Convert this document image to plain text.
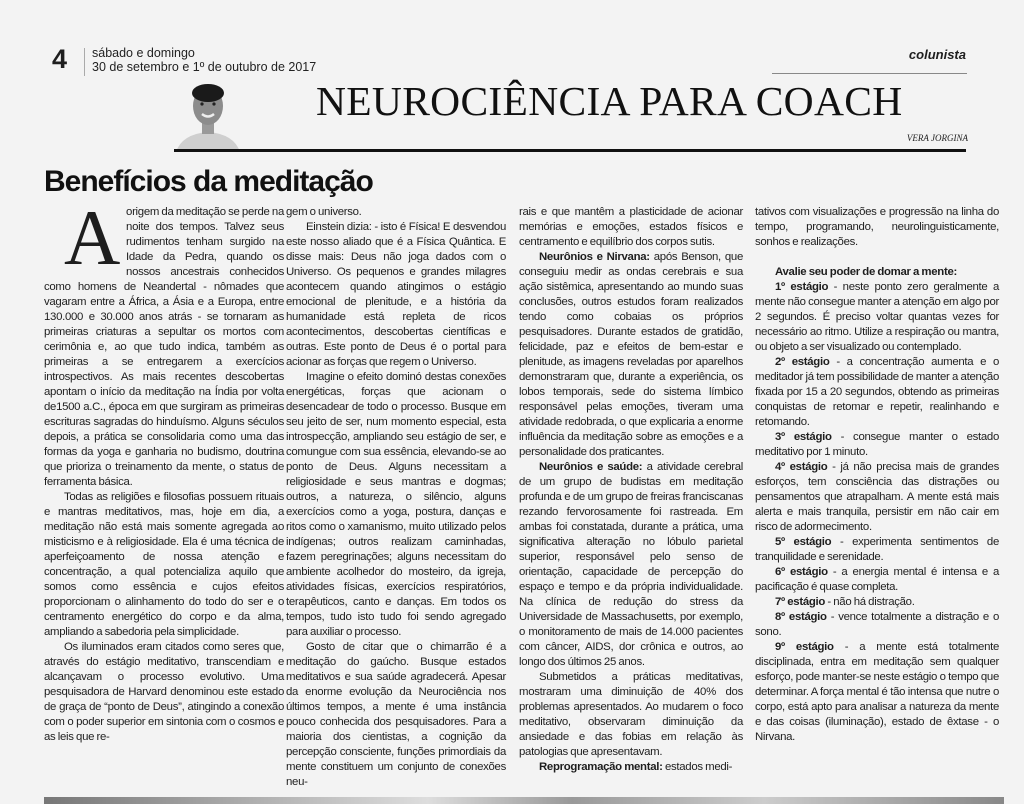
4 sábado e domingo
30 de setembro e 1º de outubro de 2017
colunista
NEUROCIÊNCIA PARA COACH
VERA JORGINA
Benefícios da meditação
A origem da meditação se perde na noite dos tempos. Talvez seus rudimentos tenham surgido na Idade da Pedra, quando os nossos ancestrais conhecidos como homens de Neandertal - nômades que vagaram entre a África, a Ásia e a Europa, entre 130.000 e 30.000 anos atrás - se tornaram as primeiras criaturas a sepultar os mortos com cerimônia e, ao que tudo indica, também as primeiras a se entregarem a exercícios introspectivos. As mais recentes descobertas apontam o início da meditação na Índia por volta de1500 a.C., época em que surgiram as primeiras escrituras sagradas do hinduísmo. Alguns séculos depois, a prática se consolidaria como uma das formas da yoga e ganharia no budismo, doutrina que prioriza o treinamento da mente, o status de ferramenta básica.

Todas as religiões e filosofias possuem rituais e mantras meditativos, mas, hoje em dia, a meditação não está mais somente agregada ao misticismo e à religiosidade. Ela é uma técnica de aperfeiçoamento de nossa atenção e concentração, a qual potencializa aquilo que somos como essência e cujos efeitos proporcionam o alinhamento do todo do ser e o centramento energético do corpo e da alma, ampliando a sabedoria pela simplicidade.

Os iluminados eram citados como seres que, através do estágio meditativo, transcendiam e alcançavam o processo evolutivo. Uma pesquisadora de Harvard denominou este estado de graça de “ponto de Deus”, atingindo a conexão com o poder superior em sintonia com o cosmos e as leis que re-

gem o universo.

Einstein dizia: - isto é Física! E desvendou este nosso aliado que é a Física Quântica. E disse mais: Deus não joga dados com o Universo. Os pequenos e grandes milagres acontecem quando atingimos o estágio emocional de plenitude, e a história da humanidade está repleta de ricos acontecimentos, descobertas científicas e outras. Este ponto de Deus é o portal para acionar as forças que regem o Universo.

Imagine o efeito dominó destas conexões energéticas, forças que acionam o desencadear de todo o processo. Busque em seu jeito de ser, num momento especial, esta introspecção, ampliando seu estágio de ser, e comungue com sua essência, elevando-se ao ponto de Deus. Alguns necessitam a religiosidade e seus mantras e dogmas; outros, a natureza, o silêncio, alguns exercícios como a yoga, postura, danças e ritos como o xamanismo, muito utilizado pelos indígenas; outros realizam caminhadas, fazem peregrinações; alguns necessitam do ambiente acolhedor do mosteiro, da igreja, atividades físicas, exercícios respiratórios, terapêuticos, canto e danças. Em todos os tempos, tudo isto tudo foi sendo agregado para auxiliar o processo.

Gosto de citar que o chimarrão é a meditação do gaúcho. Busque estados meditativos e sua saúde agradecerá. Apesar da enorme evolução da Neurociência nos últimos tempos, a mente é uma instância pouco conhecida dos pesquisadores. Para a maioria dos cientistas, a cognição da percepção consciente, funções primordiais da mente constituem um conjunto de conexões neu-

rais e que mantêm a plasticidade de acionar memórias e emoções, estados físicos e centramento e equilíbrio dos corpos sutis.

Neurônios e Nirvana: após Benson, que conseguiu medir as ondas cerebrais e sua ação sistêmica, apresentando ao mundo suas conclusões, outros estudos foram realizados tendo como cobaias os próprios pesquisadores. Durante estados de gratidão, felicidade, paz e efeitos de bem-estar e plenitude, as imagens reveladas por aparelhos demonstraram que, durante a experiência, os lobos temporais, sede do sistema límbico responsável pelas emoções, tiveram uma atividade redobrada, o que explicaria a enorme influência da meditação sobre as emoções e a personalidade dos praticantes.

Neurônios e saúde: a atividade cerebral de um grupo de budistas em meditação profunda e de um grupo de freiras franciscanas rezando fervorosamente foi rastreada. Em ambas foi constatada, durante a prática, uma significativa alteração no lóbulo parietal superior, responsável pelo senso de orientação, capacidade de percepção do espaço e tempo e da própria individualidade. Na clínica de redução do stress da Universidade de Massachusetts, por exemplo, o monitoramento de mais de 14.000 pacientes com câncer, AIDS, dor crônica e outros, ao longo dos últimos 25 anos.

Submetidos a práticas meditativas, mostraram uma diminuição de 40% dos problemas apresentados. Ao mudarem o foco meditativo, observaram diminuição da ansiedade e das fobias em relação às patologias que apresentavam.

Reprogramação mental: estados medi-

tativos com visualizações e progressão na linha do tempo, programando, neurolinguisticamente, sonhos e realizações.

Avalie seu poder de domar a mente:

1º estágio - neste ponto zero geralmente a mente não consegue manter a atenção em algo por 2 segundos. É preciso voltar quantas vezes for necessário ao ritmo. Utilize a respiração ou mantra, ou objeto a ser visualizado ou contemplado.

2º estágio - a concentração aumenta e o meditador já tem possibilidade de manter a atenção fixada por 15 a 20 segundos, obtendo as primeiras conquistas de retomar e repetir, realinhando e retomando.

3º estágio - consegue manter o estado meditativo por 1 minuto.

4º estágio - já não precisa mais de grandes esforços, tem consciência das distrações ou pensamentos que atrapalham. A mente está mais alerta e mais tranquila, persistir em não cair em risco de adormecimento.

5º estágio - experimenta sentimentos de tranquilidade e serenidade.

6º estágio - a energia mental é intensa e a pacificação é quase completa.

7º estágio - não há distração.

8º estágio - vence totalmente a distração e o sono.

9º estágio - a mente está totalmente disciplinada, entra em meditação sem qualquer esforço, pode manter-se neste estágio o tempo que determinar. A força mental é tão intensa que nutre o corpo, está apto para analisar a natureza da mente e das coisas (iluminação), estado de êxtase - o Nirvana.
